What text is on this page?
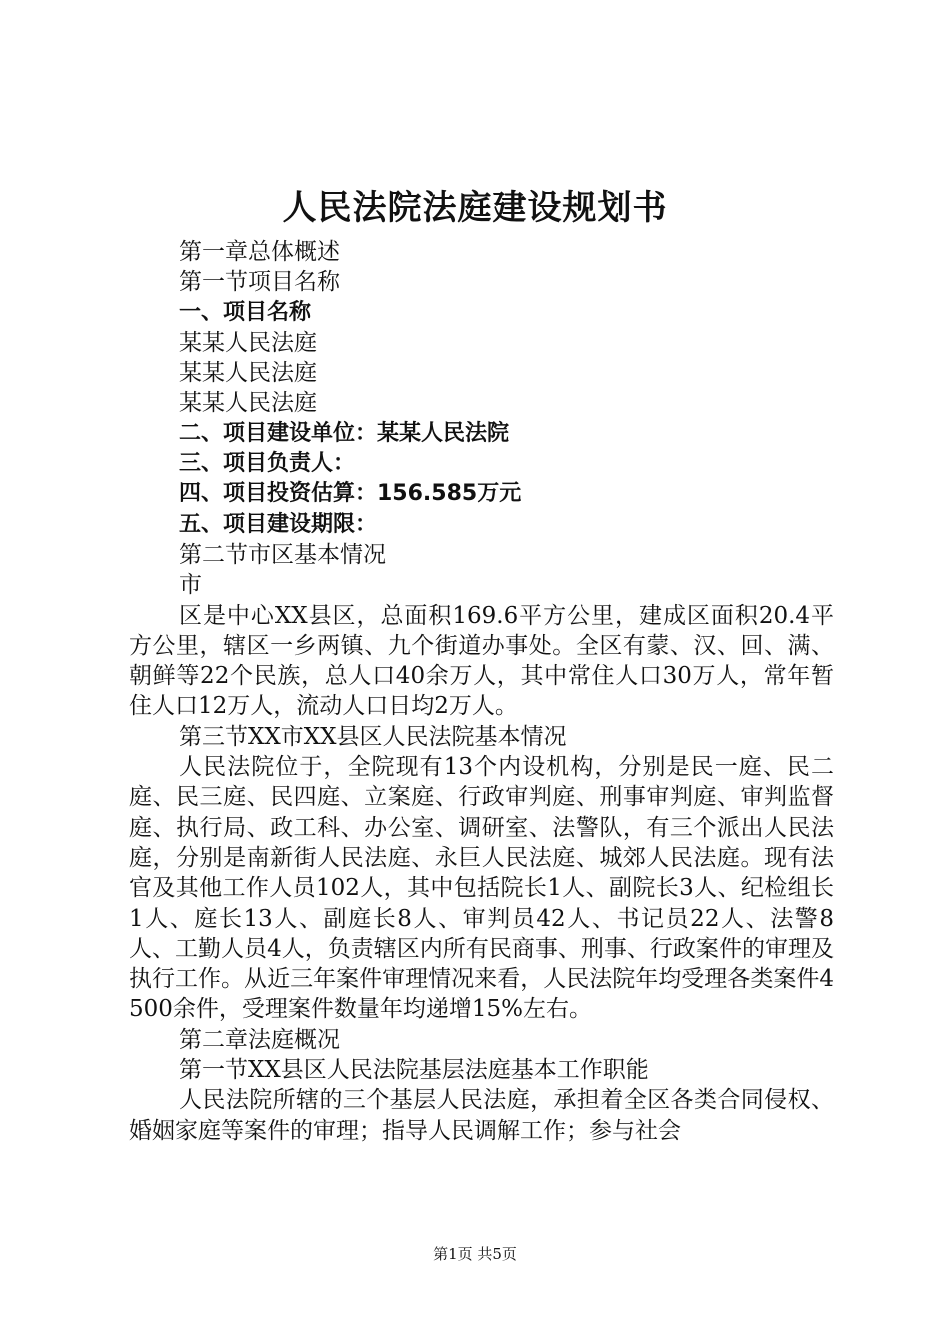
人民法院法庭建设规划书

第一章总体概述

第一节项目名称

一、项目名称

某某人民法庭

某某人民法庭

某某人民法庭

二、项目建设单位：某某人民法院

三、项目负责人：

四、项目投资估算：156.585万元

五、项目建设期限：

第二节市区基本情况

市

区是中心XX县区，总面积169.6平方公里，建成区面积20.4平方公里，辖区一乡两镇、九个街道办事处。全区有蒙、汉、回、满、朝鲜等22个民族，总人口40余万人，其中常住人口30万人，常年暂住人口12万人，流动人口日均2万人。

第三节XX市XX县区人民法院基本情况

人民法院位于，全院现有13个内设机构，分别是民一庭、民二庭、民三庭、民四庭、立案庭、行政审判庭、刑事审判庭、审判监督庭、执行局、政工科、办公室、调研室、法警队，有三个派出人民法庭，分别是南新街人民法庭、永巨人民法庭、城郊人民法庭。现有法官及其他工作人员102人，其中包括院长1人、副院长3人、纪检组长1人、庭长13人、副庭长8人、审判员42人、书记员22人、法警8人、工勤人员4人，负责辖区内所有民商事、刑事、行政案件的审理及执行工作。从近三年案件审理情况来看，人民法院年均受理各类案件4500余件，受理案件数量年均递增15%左右。

第二章法庭概况

第一节XX县区人民法院基层法庭基本工作职能

人民法院所辖的三个基层人民法庭，承担着全区各类合同侵权、婚姻家庭等案件的审理；指导人民调解工作；参与社会

第1页 共5页
